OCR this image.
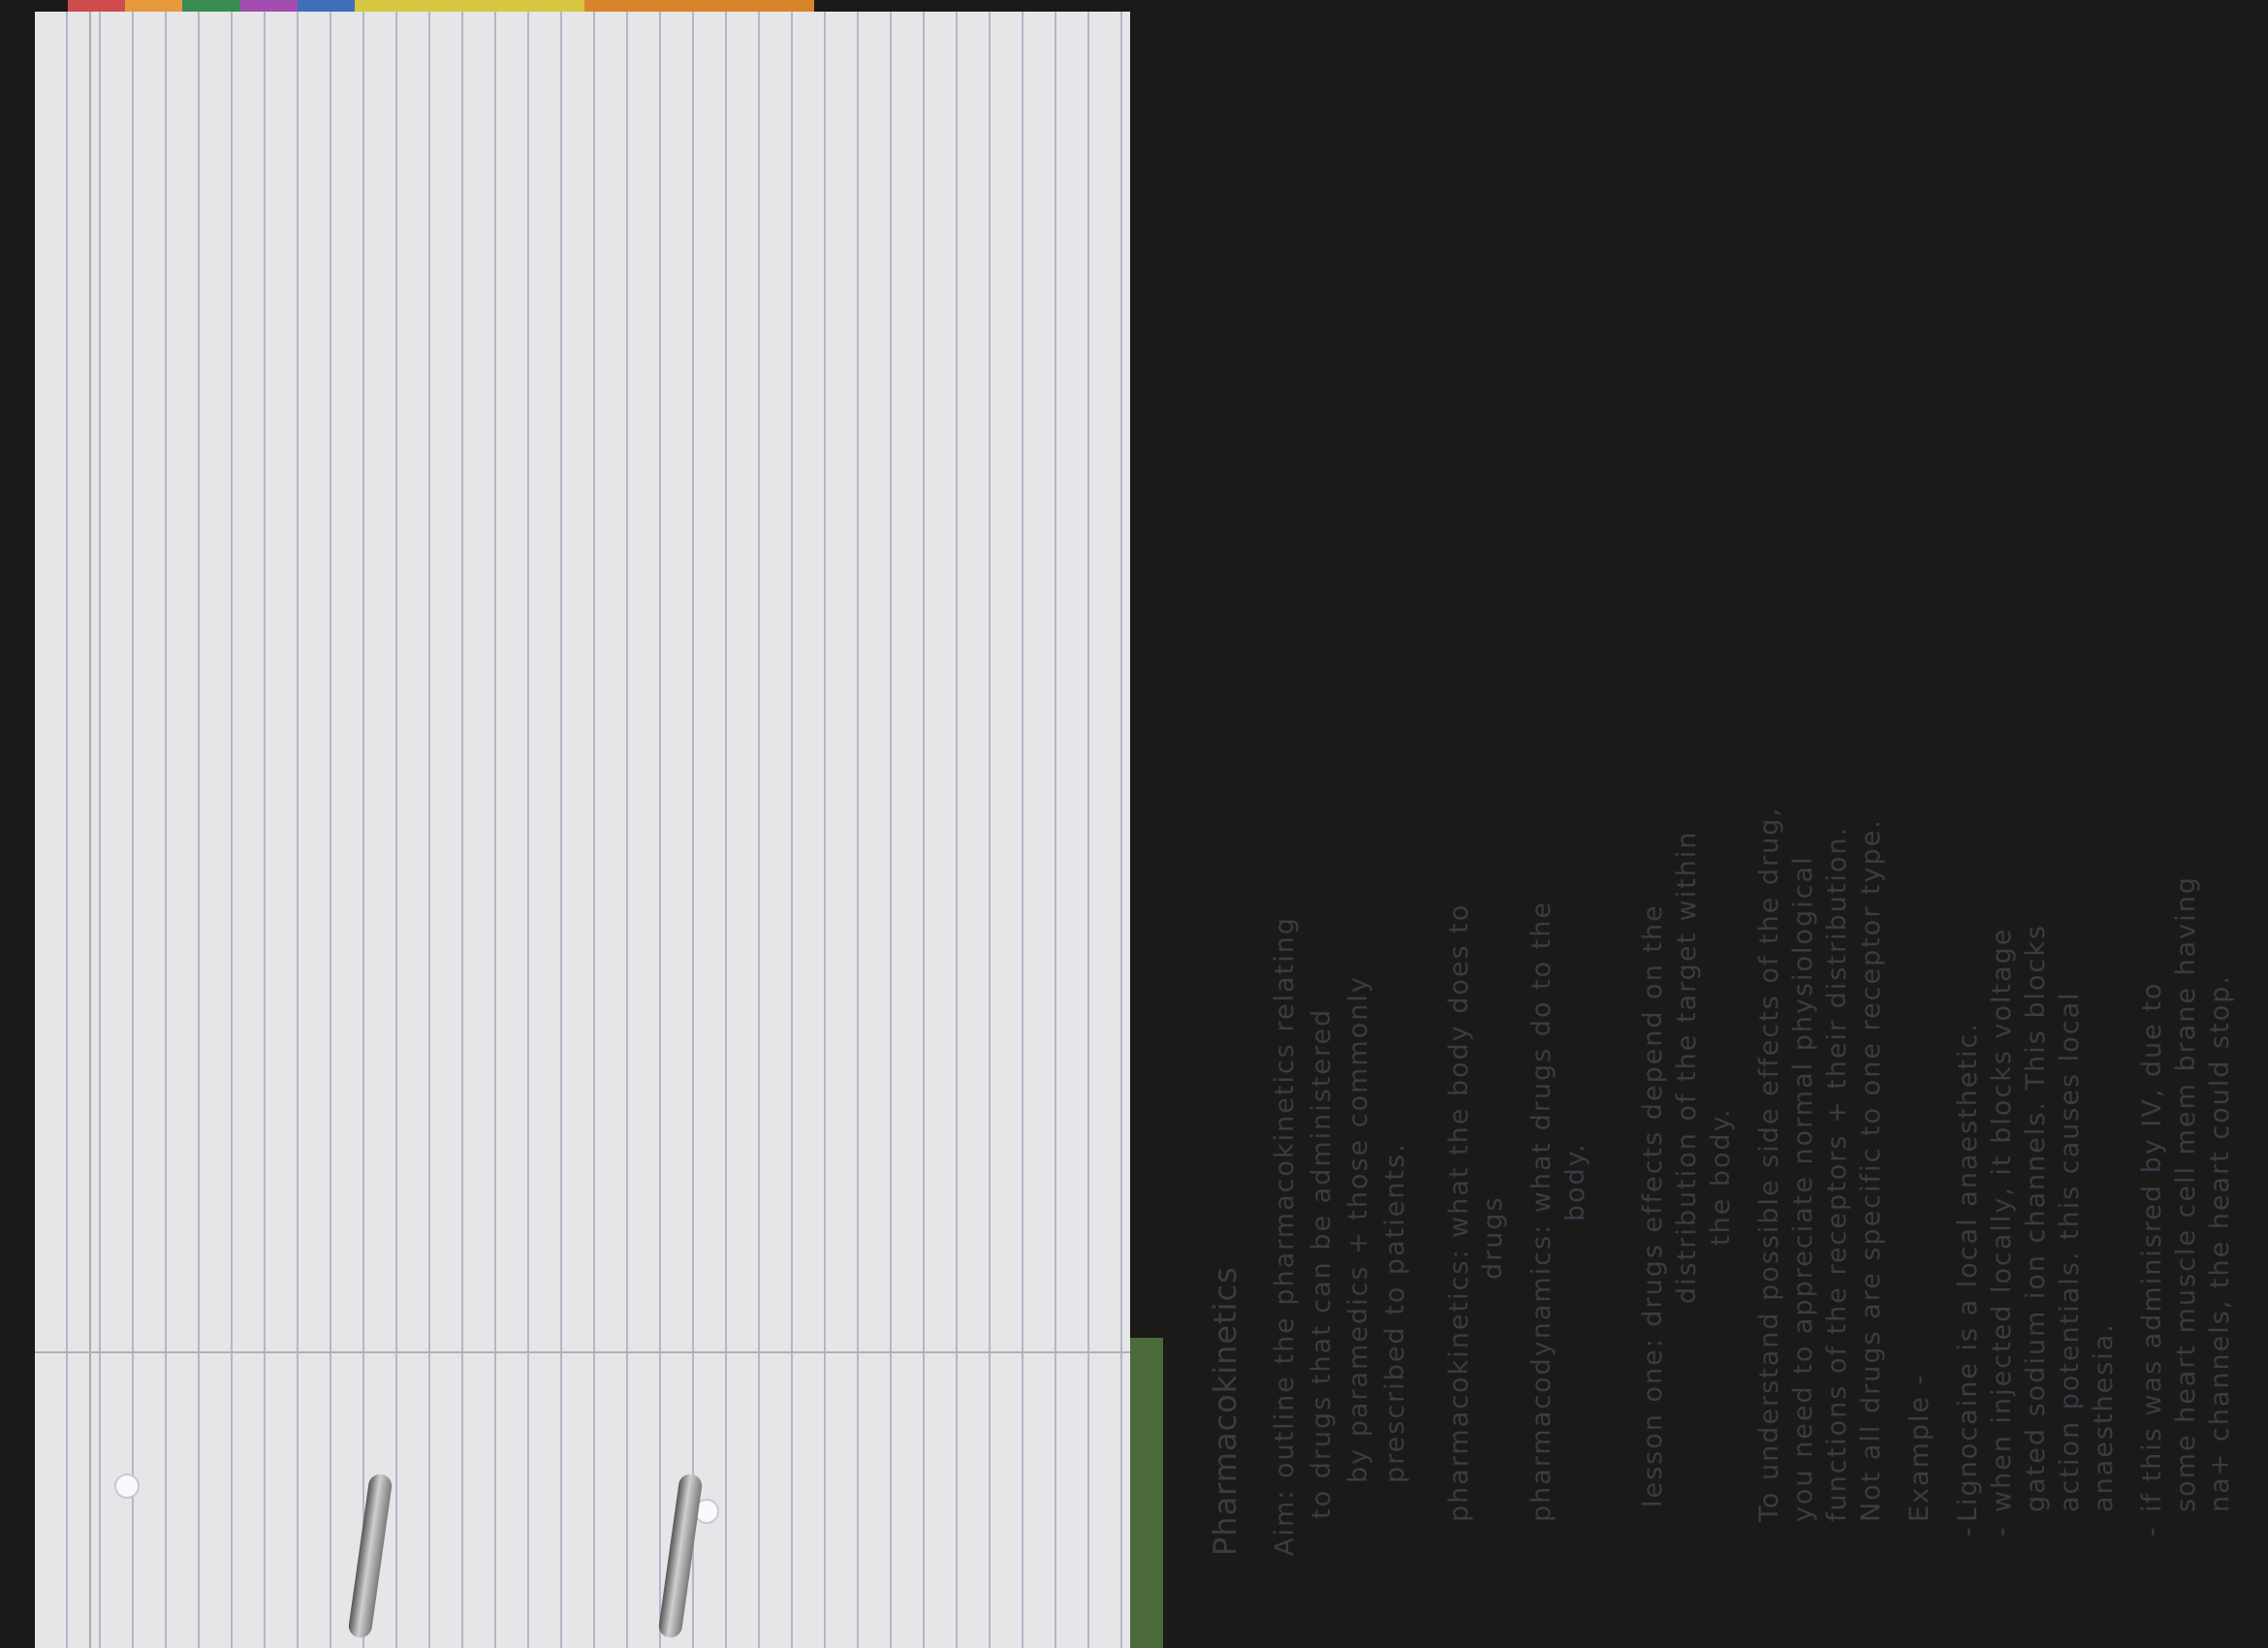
Pharmacokinetics Aim: outline the pharmacokinetics relating to drugs that can be administered by paramedics + those commonly prescribed to patients. pharmacokinetics: what the body does to drugs pharmacodynamics: what drugs do to the body. lesson one: drugs effects depend on the distribution of the target within the body. To understand possible side effects of the drug, you need to appreciate normal physiological functions of the receptors + their distribution. Not all drugs are specific to one receptor type. Example -
-
Lignocaine is a local anaesthetic.
-
when injected locally, it blocks voltage gated sodium ion channels. This blocks action potentials. this causes local anaesthesia.
-
if this was adminisred by IV, due to some heart muscle cell mem brane having na+ channels, the heart could stop.
